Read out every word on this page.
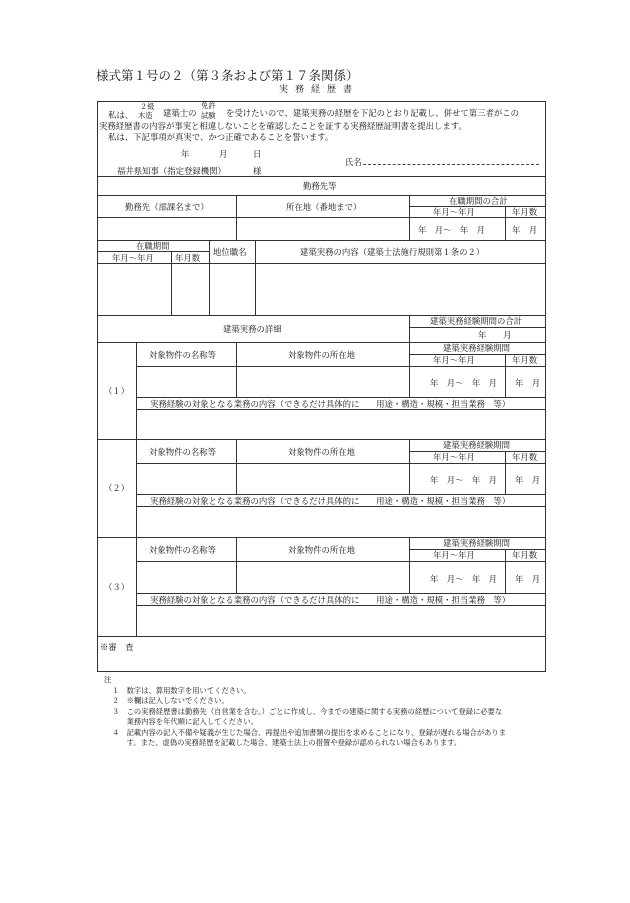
様式第１号の２（第３条および第１７条関係）
実務経歴書
私は、
２級
木造 建築士の
免許
試験 を受けたいので、建築実務の経歴を下記のとおり記載し、併せて第三者がこの
実務経歴書の内容が事実と相違しないことを確認したことを証する実務経歴証明書を提出します。
私は、下記事項が真実で、かつ正確であることを誓います。
年	月	日
氏名
福井県知事（指定登録機関）	様
勤務先等
勤務先（部課名まで）	所在地（番地まで）
在職期間の合計
年月～年月	年月数
年　月～　年　月	年　月
在職期間
年月～年月	年月数
地位職名	建築実務の内容（建築士法施行規則第１条の２）
建築実務の詳細
建築実務経験期間の合計
年　　月
（１）
対象物件の名称等	対象物件の所在地
建築実務経験期間
年月～年月	年月数
年　月～　年　月 年　月
実務経験の対象となる業務の内容（できるだけ具体的に　　用途・構造・規模・担当業務　等）
（２）
対象物件の名称等	対象物件の所在地
建築実務経験期間
年月～年月	年月数
年　月～　年　月 年　月
実務経験の対象となる業務の内容（できるだけ具体的に　　用途・構造・規模・担当業務　等）
（３）
対象物件の名称等	対象物件の所在地
建築実務経験期間
年月～年月	年月数
年　月～　年　月 年　月
実務経験の対象となる業務の内容（できるだけ具体的に　　用途・構造・規模・担当業務　等）
※審　査
注
１　数字は、算用数字を用いてください。
２　※欄は記入しないでください。
３　この実務経歴書は勤務先（自営業を含む。）ごとに作成し、今までの建築に関する実務の経歴について登録に必要な
　　業務内容を年代順に記入してください。
４　記載内容の記入不備や疑義が生じた場合、再提出や追加書類の提出を求めることになり、登録が遅れる場合がありま
　　す。また、虚偽の実務経歴を記載した場合、建築士法上の措置や登録が認められない場合もあります。
